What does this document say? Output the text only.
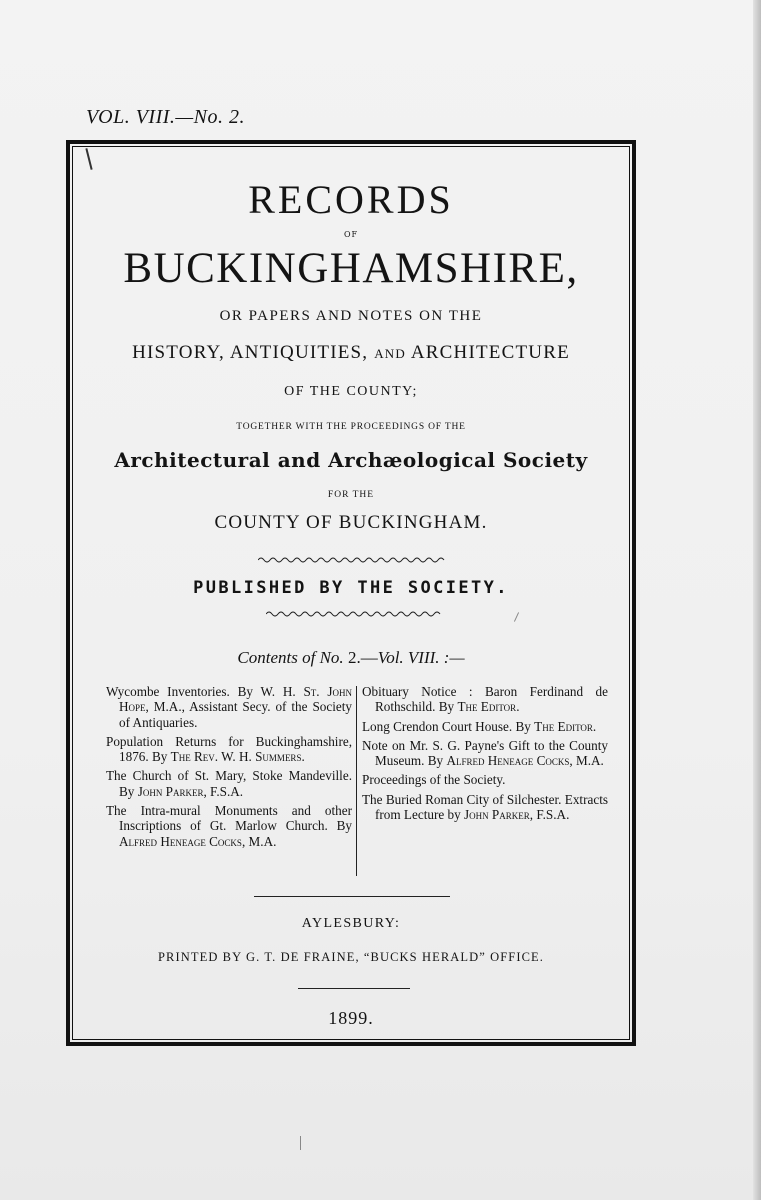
VOL. VIII.—No. 2.
RECORDS
OF
BUCKINGHAMSHIRE,
OR PAPERS AND NOTES ON THE
HISTORY, ANTIQUITIES, AND ARCHITECTURE
OF THE COUNTY;
TOGETHER WITH THE PROCEEDINGS OF THE
Architectural and Archæological Society
FOR THE
COUNTY OF BUCKINGHAM.
PUBLISHED BY THE SOCIETY.
Contents of No. 2.—Vol. VIII. :—
Wycombe Inventories. By W. H. St. John Hope, M.A., Assistant Secy. of the Society of Antiquaries.
Population Returns for Buckinghamshire, 1876. By The Rev. W. H. Summers.
The Church of St. Mary, Stoke Mandeville. By John Parker, F.S.A.
The Intra-mural Monuments and other Inscriptions of Gt. Marlow Church. By Alfred Heneage Cocks, M.A.
Obituary Notice : Baron Ferdinand de Rothschild. By The Editor.
Long Crendon Court House. By The Editor.
Note on Mr. S. G. Payne's Gift to the County Museum. By Alfred Heneage Cocks, M.A.
Proceedings of the Society.
The Buried Roman City of Silchester. Extracts from Lecture by John Parker, F.S.A.
AYLESBURY:
PRINTED BY G. T. DE FRAINE, “BUCKS HERALD” OFFICE.
1899.
